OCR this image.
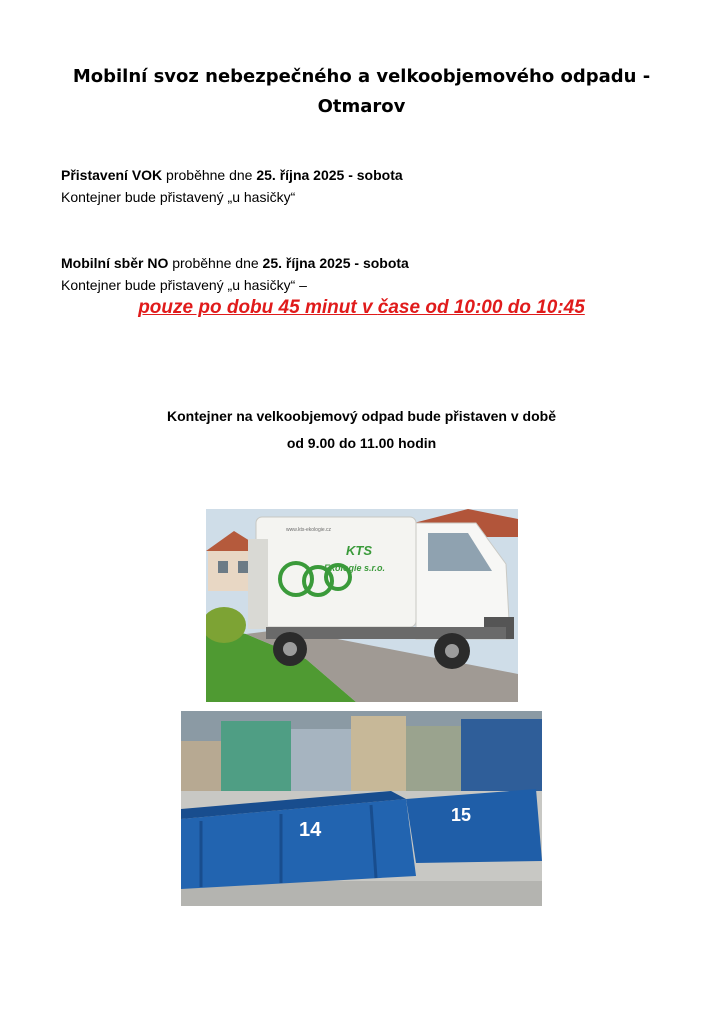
Mobilní svoz nebezpečného a velkoobjemového odpadu -
Otmarov
Přistavení VOK proběhne dne 25. října 2025 - sobota
Kontejner bude přistavený „u hasičky“
Mobilní sběr NO proběhne dne 25. října 2025 - sobota
Kontejner bude přistavený „u hasičky“ –
pouze po dobu 45 minut v čase od 10:00 do 10:45
Kontejner na velkoobjemový odpad bude přistaven v době
od 9.00 do 11.00 hodin
KTS
Ekologie s.r.o.
www.kts-ekologie.cz
15
14
